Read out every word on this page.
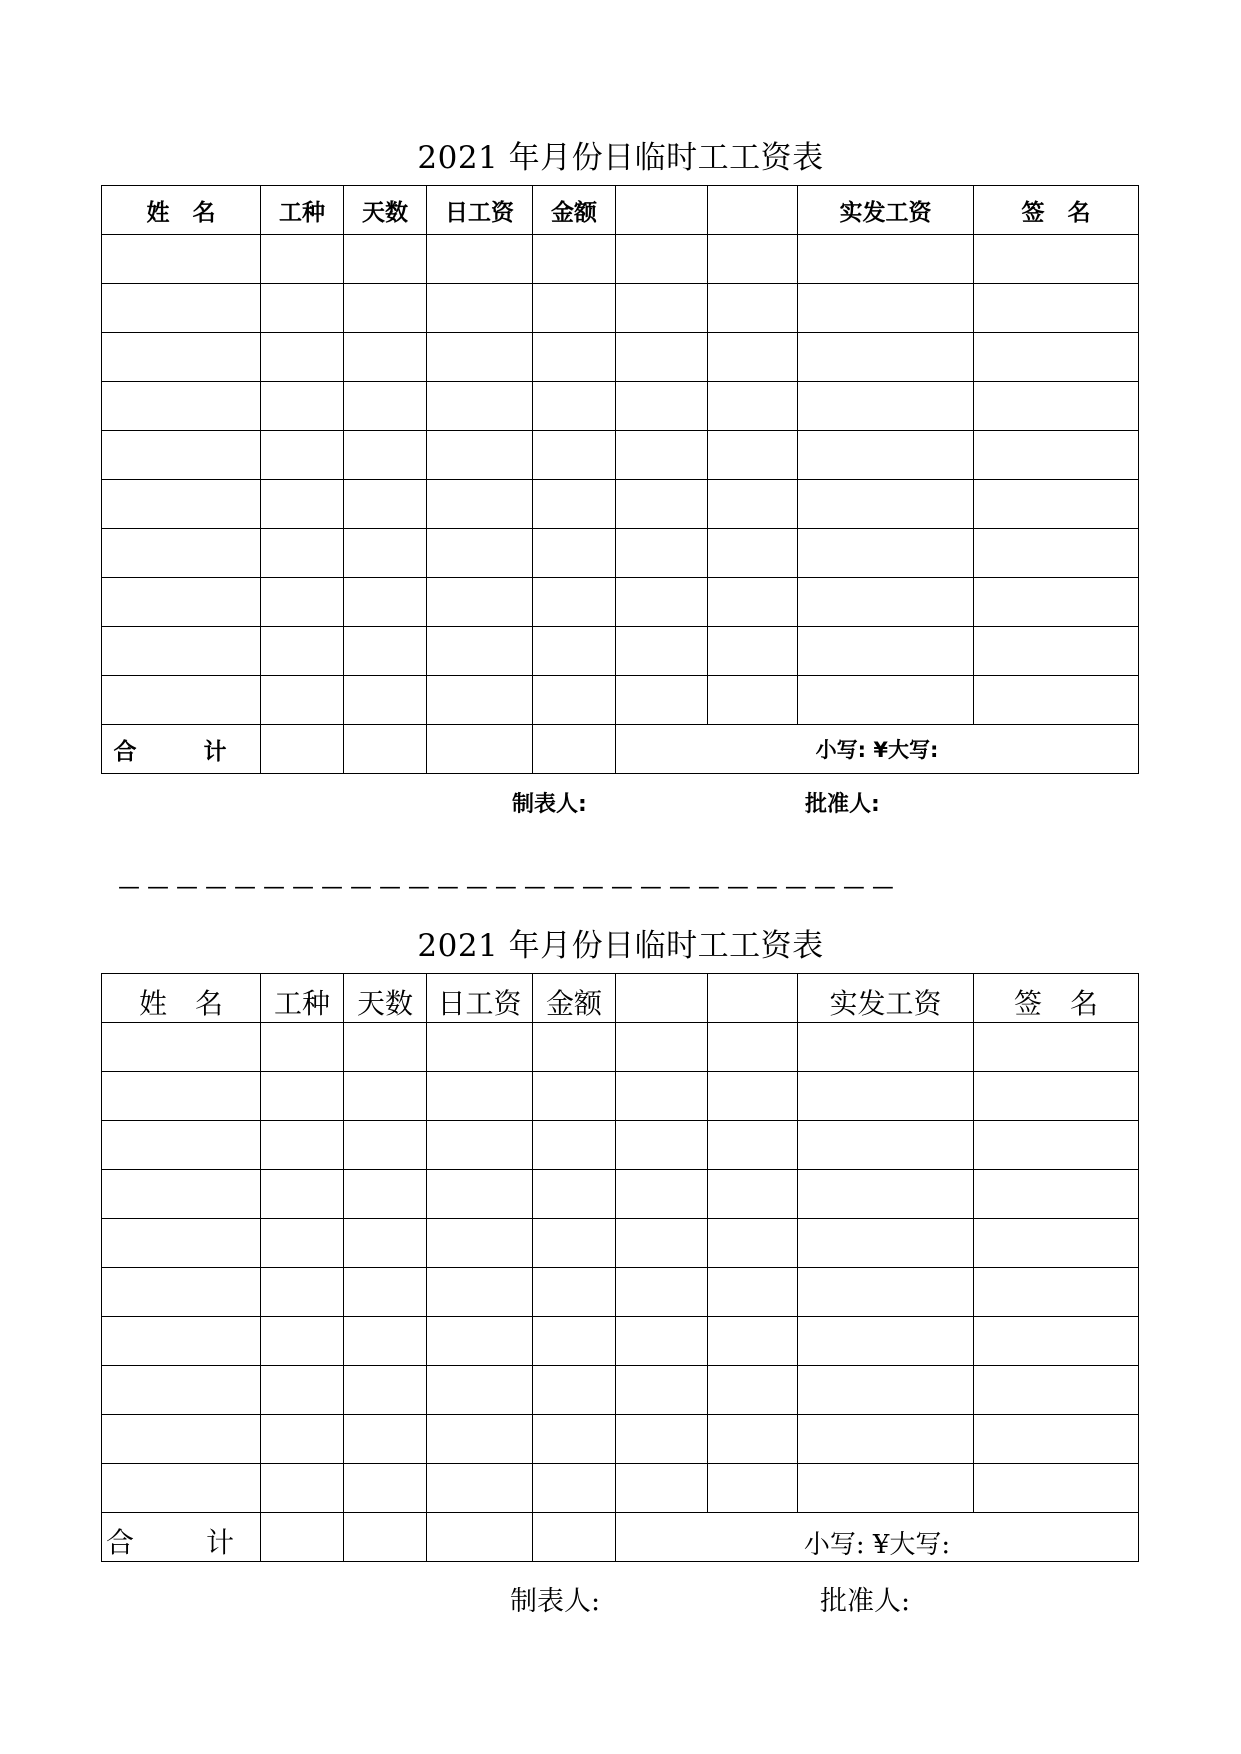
2021 年月份日临时工工资表
姓　名	工种	天数	日工资	金额			实发工资	签　名

合　计					小写: ¥大写:			
制表人:	批准人:
— — — — — — — — — — — — — — — — — — — — — — — — — — —
2021 年月份日临时工工资表
姓　名	工种	天数	日工资	金额			实发工资	签　名

合　计					小写: ¥大写:			
制表人:	批准人:
